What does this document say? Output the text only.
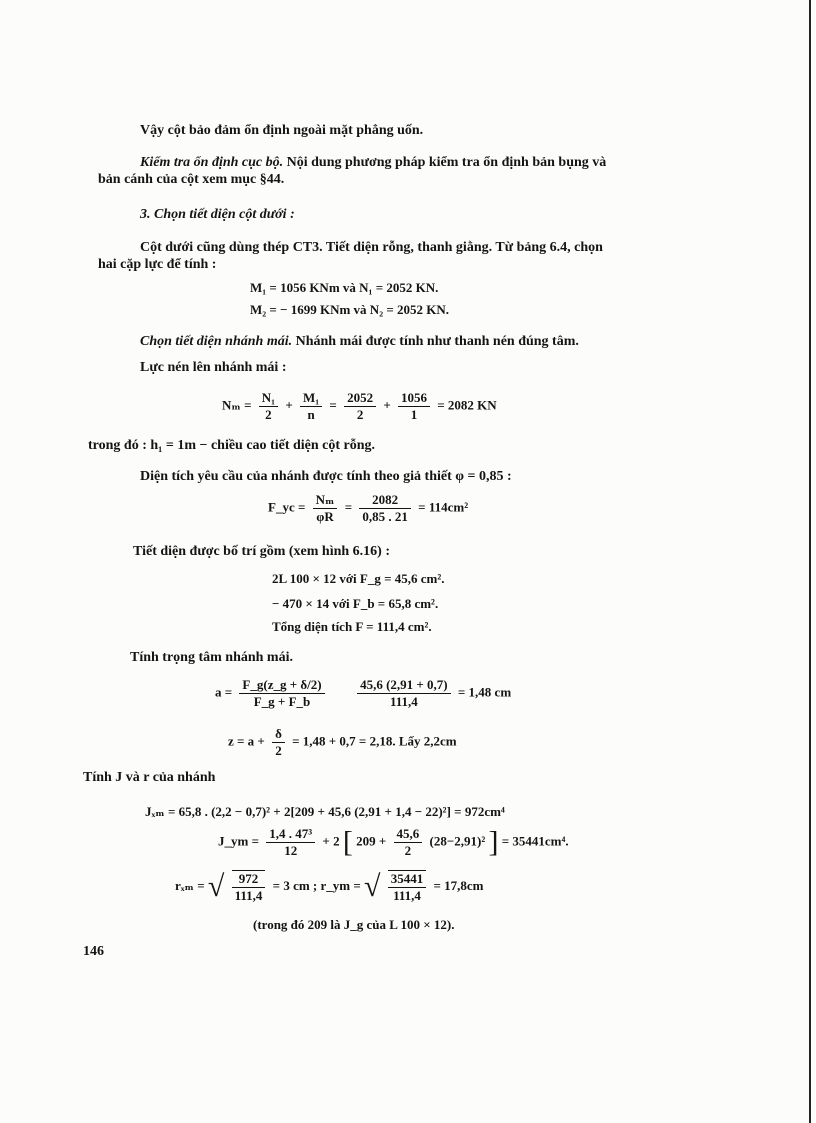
Vậy cột bảo đảm ổn định ngoài mặt phẳng uốn.
Kiểm tra ổn định cục bộ. Nội dung phương pháp kiểm tra ổn định bản bụng và
bản cánh của cột xem mục §44.
3. Chọn tiết diện cột dưới :
Cột dưới cũng dùng thép CT3. Tiết diện rỗng, thanh giằng. Từ bảng 6.4, chọn
hai cặp lực để tính :
M₁ = 1056 KNm và N₁ = 2052 KN.
M₂ = − 1699 KNm và N₂ = 2052 KN.
Chọn tiết diện nhánh mái. Nhánh mái được tính như thanh nén đúng tâm.
Lực nén lên nhánh mái :
$N_m = \frac{\text{N₁}}{2} + \frac{\text{M₁}}{n} = \frac{2052}{2} + \frac{1056}{1} = 2082$ KN
trong đó : h₁ = 1m − chiều cao tiết diện cột rỗng.
Diện tích yêu cầu của nhánh được tính theo giả thiết φ = 0,85 :
F_yc = $\frac{\text{Nₘ}}{\varphi R} = \frac{2082}{0,85 . 21} = 114cm^2$
Tiết diện được bố trí gồm (xem hình 6.16) :
2L 100 × 12 với F_g = 45,6 cm².
− 470 × 14 với F_b = 65,8 cm².
Tổng diện tích F = 111,4 cm².
Tính trọng tâm nhánh mái.
$a = \frac{F\_g(z\_g + \delta/2)}{F\_g + F\_b}$
	$\frac{45,6 (2,91 + 0,7)}{111,4} = 1,48$ cm
$z = a + \frac{\delta}{2} = 1,48 + 0,7 = 2,18$. Lấy 2,2cm
Tính J và r của nhánh
Jₓₘ = 65,8 . (2,2 − 0,7)² + 2[209 + 45,6 (2,91 + 1,4 − 22)²] = 972cm⁴
J_ym = $\frac{\text{1,4 . 47³}}{12} + 2$ [ $209 + \frac{45,6}{2} (28-2,91)^2$ ] = 35441cm⁴.
rₓₘ = √ $\frac{972}{111,4} = 3$ cm ; r_ym = √ $\frac{35441}{111,4} = 17,8cm$
(trong đó 209 là J_g của L 100 × 12).
146
